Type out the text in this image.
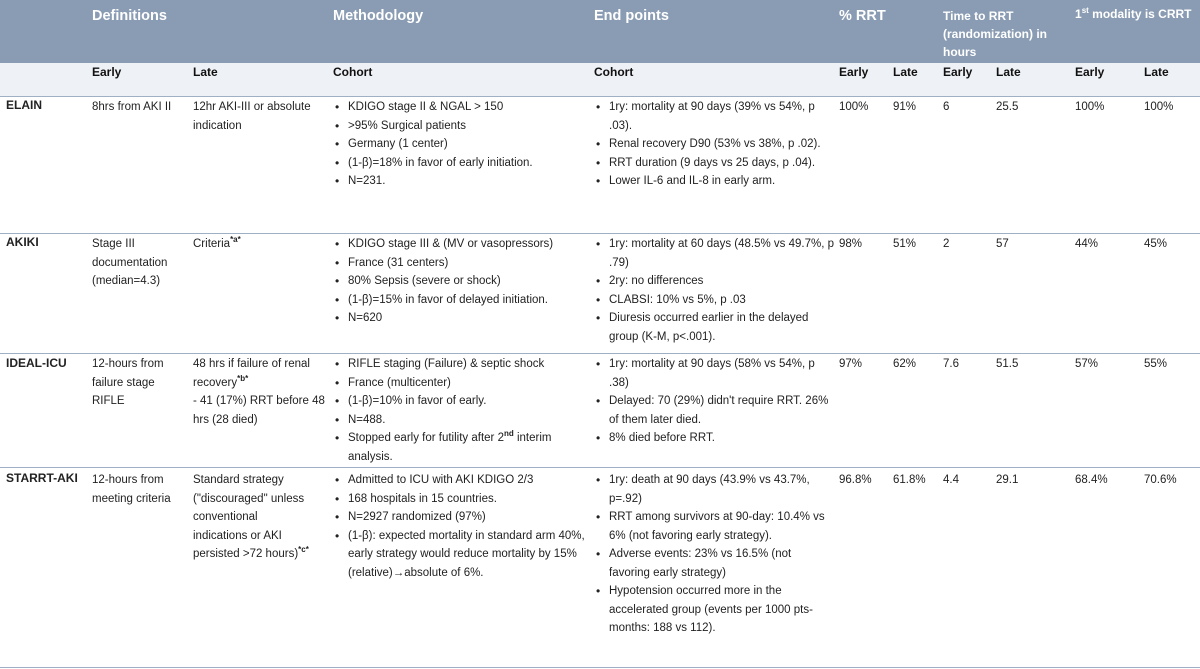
Definitions	Methodology	End points	% RRT	Time to RRT (randomization) in hours
1st modality is CRRT
Early	Late	Cohort	Cohort	Early Late Early Late	Early	Late
ELAIN	8hrs from AKI II	12hr AKI-III or absolute indication
• KDIGO stage II & NGAL > 150
• >95% Surgical patients
• Germany (1 center)
• (1-β)=18% in favor of early initiation.
• N=231.
• 1ry: mortality at 90 days (39% vs 54%, p .03).
• Renal recovery D90 (53% vs 38%, p .02).
• RRT duration (9 days vs 25 days, p .04).
• Lower IL-6 and IL-8 in early arm.
100% 91% 6	25.5	100%	100%
AKIKI	Stage III documentation (median=4.3)
Criteria$^{*a*}$
•	KDIGO stage III & (MV or vasopressors)
• France (31 centers)
• 80% Sepsis (severe or shock)
• (1-β)=15% in favor of delayed initiation.
• N=620
• 1ry: mortality at 60 days (48.5% vs 49.7%, p .79)
• 2ry: no differences
• CLABSI: 10% vs 5%, p .03
• Diuresis occurred earlier in the delayed group (K-M, p<.001).
98%	51% 2	57	44%	45%
IDEAL-ICU 12-hours from failure stage RIFLE
48 hrs if failure of renal recovery$^{*b*}$
- 41 (17%) RRT before 48 hrs (28 died)
• RIFLE staging (Failure) & septic shock
• France (multicenter)
• (1-β)=10% in favor of early.
• N=488.
• Stopped early for futility after 2nd interim analysis.
• 1ry: mortality at 90 days (58% vs 54%, p .38)
• Delayed: 70 (29%) didn't require RRT. 26% of them later died.
• 8% died before RRT.
97%	62% 7.6	51.5	57%	55%
STARRT-AKI 12-hours from meeting criteria
Standard strategy ("discouraged" unless conventional indications or AKI persisted >72 hours)$^{*c*}$
• Admitted to ICU with AKI KDIGO 2/3
• 168 hospitals in 15 countries.
• N=2927 randomized (97%)
• (1-β): expected mortality in standard arm 40%, early strategy would reduce mortality by 15% (relative)→absolute of 6%.
• 1ry: death at 90 days (43.9% vs 43.7%, p=.92)
• RRT among survivors at 90-day: 10.4% vs 6% (not favoring early strategy).
• Adverse events: 23% vs 16.5% (not favoring early strategy)
• Hypotension occurred more in the accelerated group (events per 1000 pts-months: 188 vs 112).
96.8% 61.8% 4.4	29.1	68.4%	70.6%
